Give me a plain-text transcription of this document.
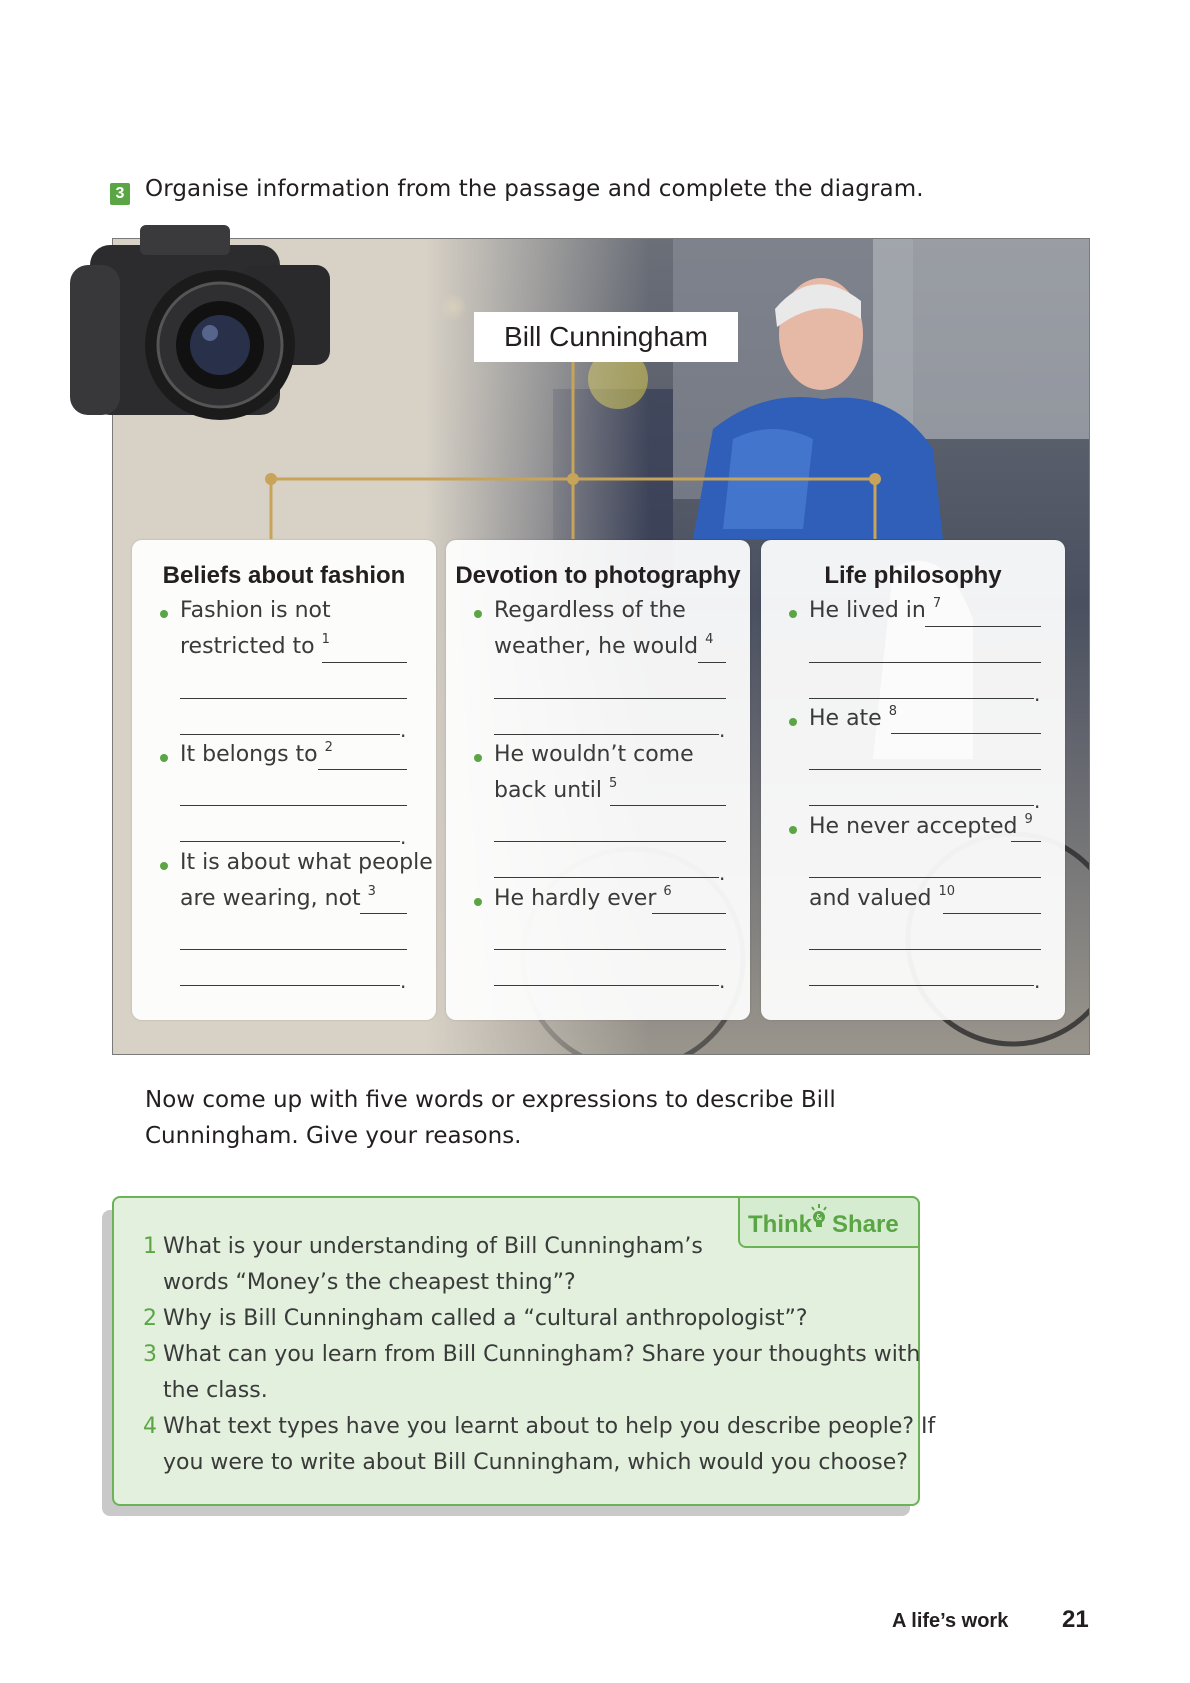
3 Organise information from the passage and complete the diagram.
Bill Cunningham
Beliefs about fashion
Fashion is not
restricted to $^1$
.
It belongs to $^2$
.
It is about what people
are wearing, not $^3$
.
Devotion to photography
Regardless of the
weather, he would $^4$
.
He wouldn’t come
back until $^5$
.
He hardly ever $^6$
.
Life philosophy
He lived in $^7$
.
He ate $^8$
.
He never accepted $^9$
and valued $^{10}$
.
Now come up with five words or expressions to describe Bill Cunningham. Give your reasons.
Think Share
&
1 What is your understanding of Bill Cunningham’s
words “Money’s the cheapest thing”?
2 Why is Bill Cunningham called a “cultural anthropologist”?
3 What can you learn from Bill Cunningham? Share your thoughts with
the class.
4 What text types have you learnt about to help you describe people? If
you were to write about Bill Cunningham, which would you choose?
A life’s work 21
